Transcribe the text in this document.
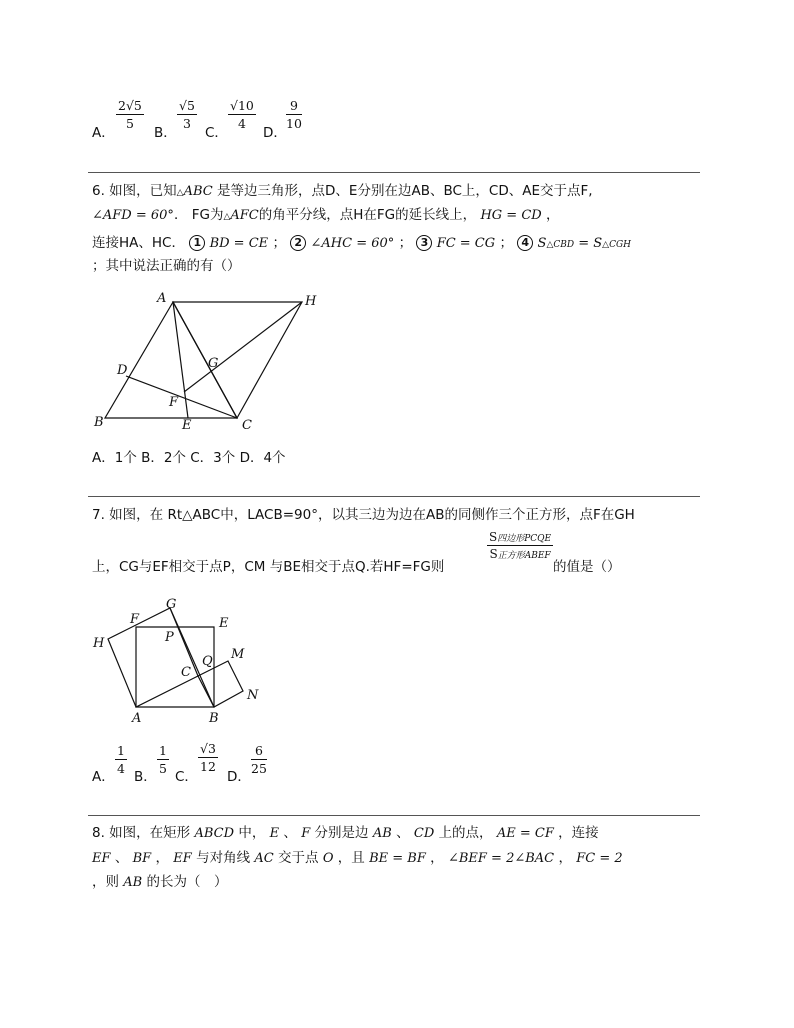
A．
2√5
5
B．
√5
3
C．
√10
4
D．
9
10
6. 如图，已知△ABC 是等边三角形，点D、E分别在边AB、BC上，CD、AE交于点F,
∠AFD = 60°． FG为△AFC的角平分线，点H在FG的延长线上， HG = CD ，
连接HA、HC． 1 BD = CE ； 2 ∠AHC = 60° ； 3 FC = CG ； 4 S△CBD = S△CGH
；其中说法正确的有（）
A	H
D	G
F
B	E	C
A．1个 B．2个 C．3个 D．4个
7. 如图，在 Rt△ABC中，LACB=90°，以其三边为边在AB的同侧作三个正方形，点F在GH
上，CG与EF相交于点P，CM 与BE相交于点Q.若HF=FG则
S四边形PCQE
S正方形ABEF
的值是（）
F
G
E
H	P
Q M
C
N
A	B
A．
1
4
B．
1
5
C．
√3
12
D．
6
25
8. 如图，在矩形 ABCD 中， E 、 F 分别是边 AB 、 CD 上的点， AE = CF ，连接
EF 、 BF ， EF 与对角线 AC 交于点 O ，且 BE = BF ， ∠BEF = 2∠BAC ， FC = 2
，则 AB 的长为（　）
